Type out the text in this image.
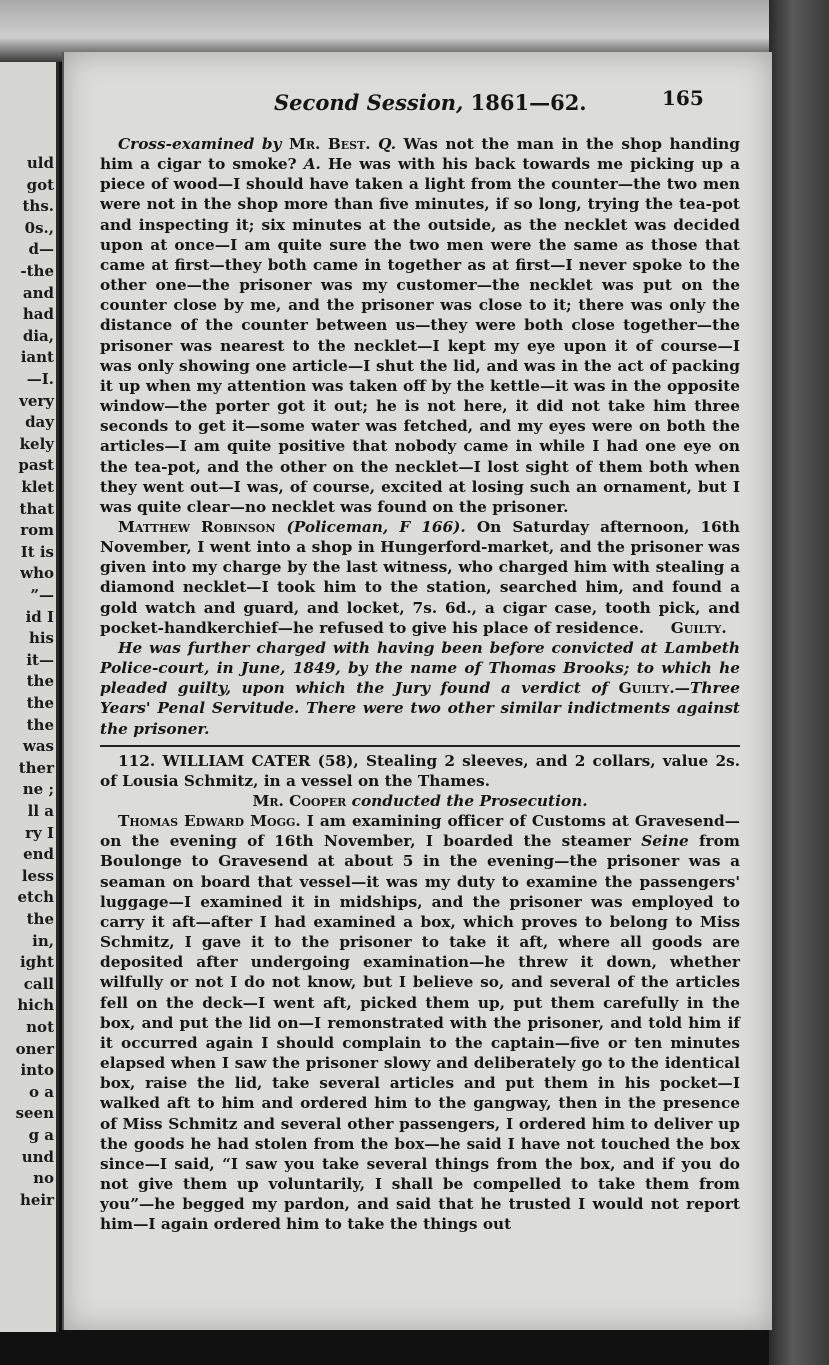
uld
got
ths.
0s.,
d—
-the
and
had
dia,
iant
—I.
very
day
kely
past
klet
that
rom
It is
who
”—
id I
his
it—
the
the
the
was
ther
ne ;
ll a
ry I
end
less
etch
the
in,
ight
call
hich
not
oner
into
o a
seen
g a
und
no
heir
Second Session, 1861—62.	165

Cross-examined by Mr. Best. Q. Was not the man in the shop handing him a cigar to smoke? A. He was with his back towards me picking up a piece of wood—I should have taken a light from the counter—the two men were not in the shop more than five minutes, if so long, trying the tea-pot and inspecting it; six minutes at the outside, as the necklet was decided upon at once—I am quite sure the two men were the same as those that came at first—they both came in together as at first—I never spoke to the other one—the prisoner was my customer—the necklet was put on the counter close by me, and the prisoner was close to it; there was only the distance of the counter between us—they were both close together—the prisoner was nearest to the necklet—I kept my eye upon it of course—I was only showing one article—I shut the lid, and was in the act of packing it up when my attention was taken off by the kettle—it was in the opposite window—the porter got it out; he is not here, it did not take him three seconds to get it—some water was fetched, and my eyes were on both the articles—I am quite positive that nobody came in while I had one eye on the tea-pot, and the other on the necklet—I lost sight of them both when they went out—I was, of course, excited at losing such an ornament, but I was quite clear—no necklet was found on the prisoner.

Matthew Robinson (Policeman, F 166). On Saturday afternoon, 16th November, I went into a shop in Hungerford-market, and the prisoner was given into my charge by the last witness, who charged him with stealing a diamond necklet—I took him to the station, searched him, and found a gold watch and guard, and locket, 7s. 6d., a cigar case, tooth pick, and pocket-handkerchief—he refused to give his place of residence. Guilty.

He was further charged with having been before convicted at Lambeth Police-court, in June, 1849, by the name of Thomas Brooks; to which he pleaded guilty, upon which the Jury found a verdict of Guilty.—Three Years' Penal Servitude. There were two other similar indictments against the prisoner.

112. WILLIAM CATER (58), Stealing 2 sleeves, and 2 collars, value 2s. of Lousia Schmitz, in a vessel on the Thames.

Mr. Cooper conducted the Prosecution.

Thomas Edward Mogg. I am examining officer of Customs at Gravesend—on the evening of 16th November, I boarded the steamer Seine from Boulonge to Gravesend at about 5 in the evening—the prisoner was a seaman on board that vessel—it was my duty to examine the passengers' luggage—I examined it in midships, and the prisoner was employed to carry it aft—after I had examined a box, which proves to belong to Miss Schmitz, I gave it to the prisoner to take it aft, where all goods are deposited after undergoing examination—he threw it down, whether wilfully or not I do not know, but I believe so, and several of the articles fell on the deck—I went aft, picked them up, put them carefully in the box, and put the lid on—I remonstrated with the prisoner, and told him if it occurred again I should complain to the captain—five or ten minutes elapsed when I saw the prisoner slowy and deliberately go to the identical box, raise the lid, take several articles and put them in his pocket—I walked aft to him and ordered him to the gangway, then in the presence of Miss Schmitz and several other passengers, I ordered him to deliver up the goods he had stolen from the box—he said I have not touched the box since—I said, “I saw you take several things from the box, and if you do not give them up voluntarily, I shall be compelled to take them from you”—he begged my pardon, and said that he trusted I would not report him—I again ordered him to take the things out
